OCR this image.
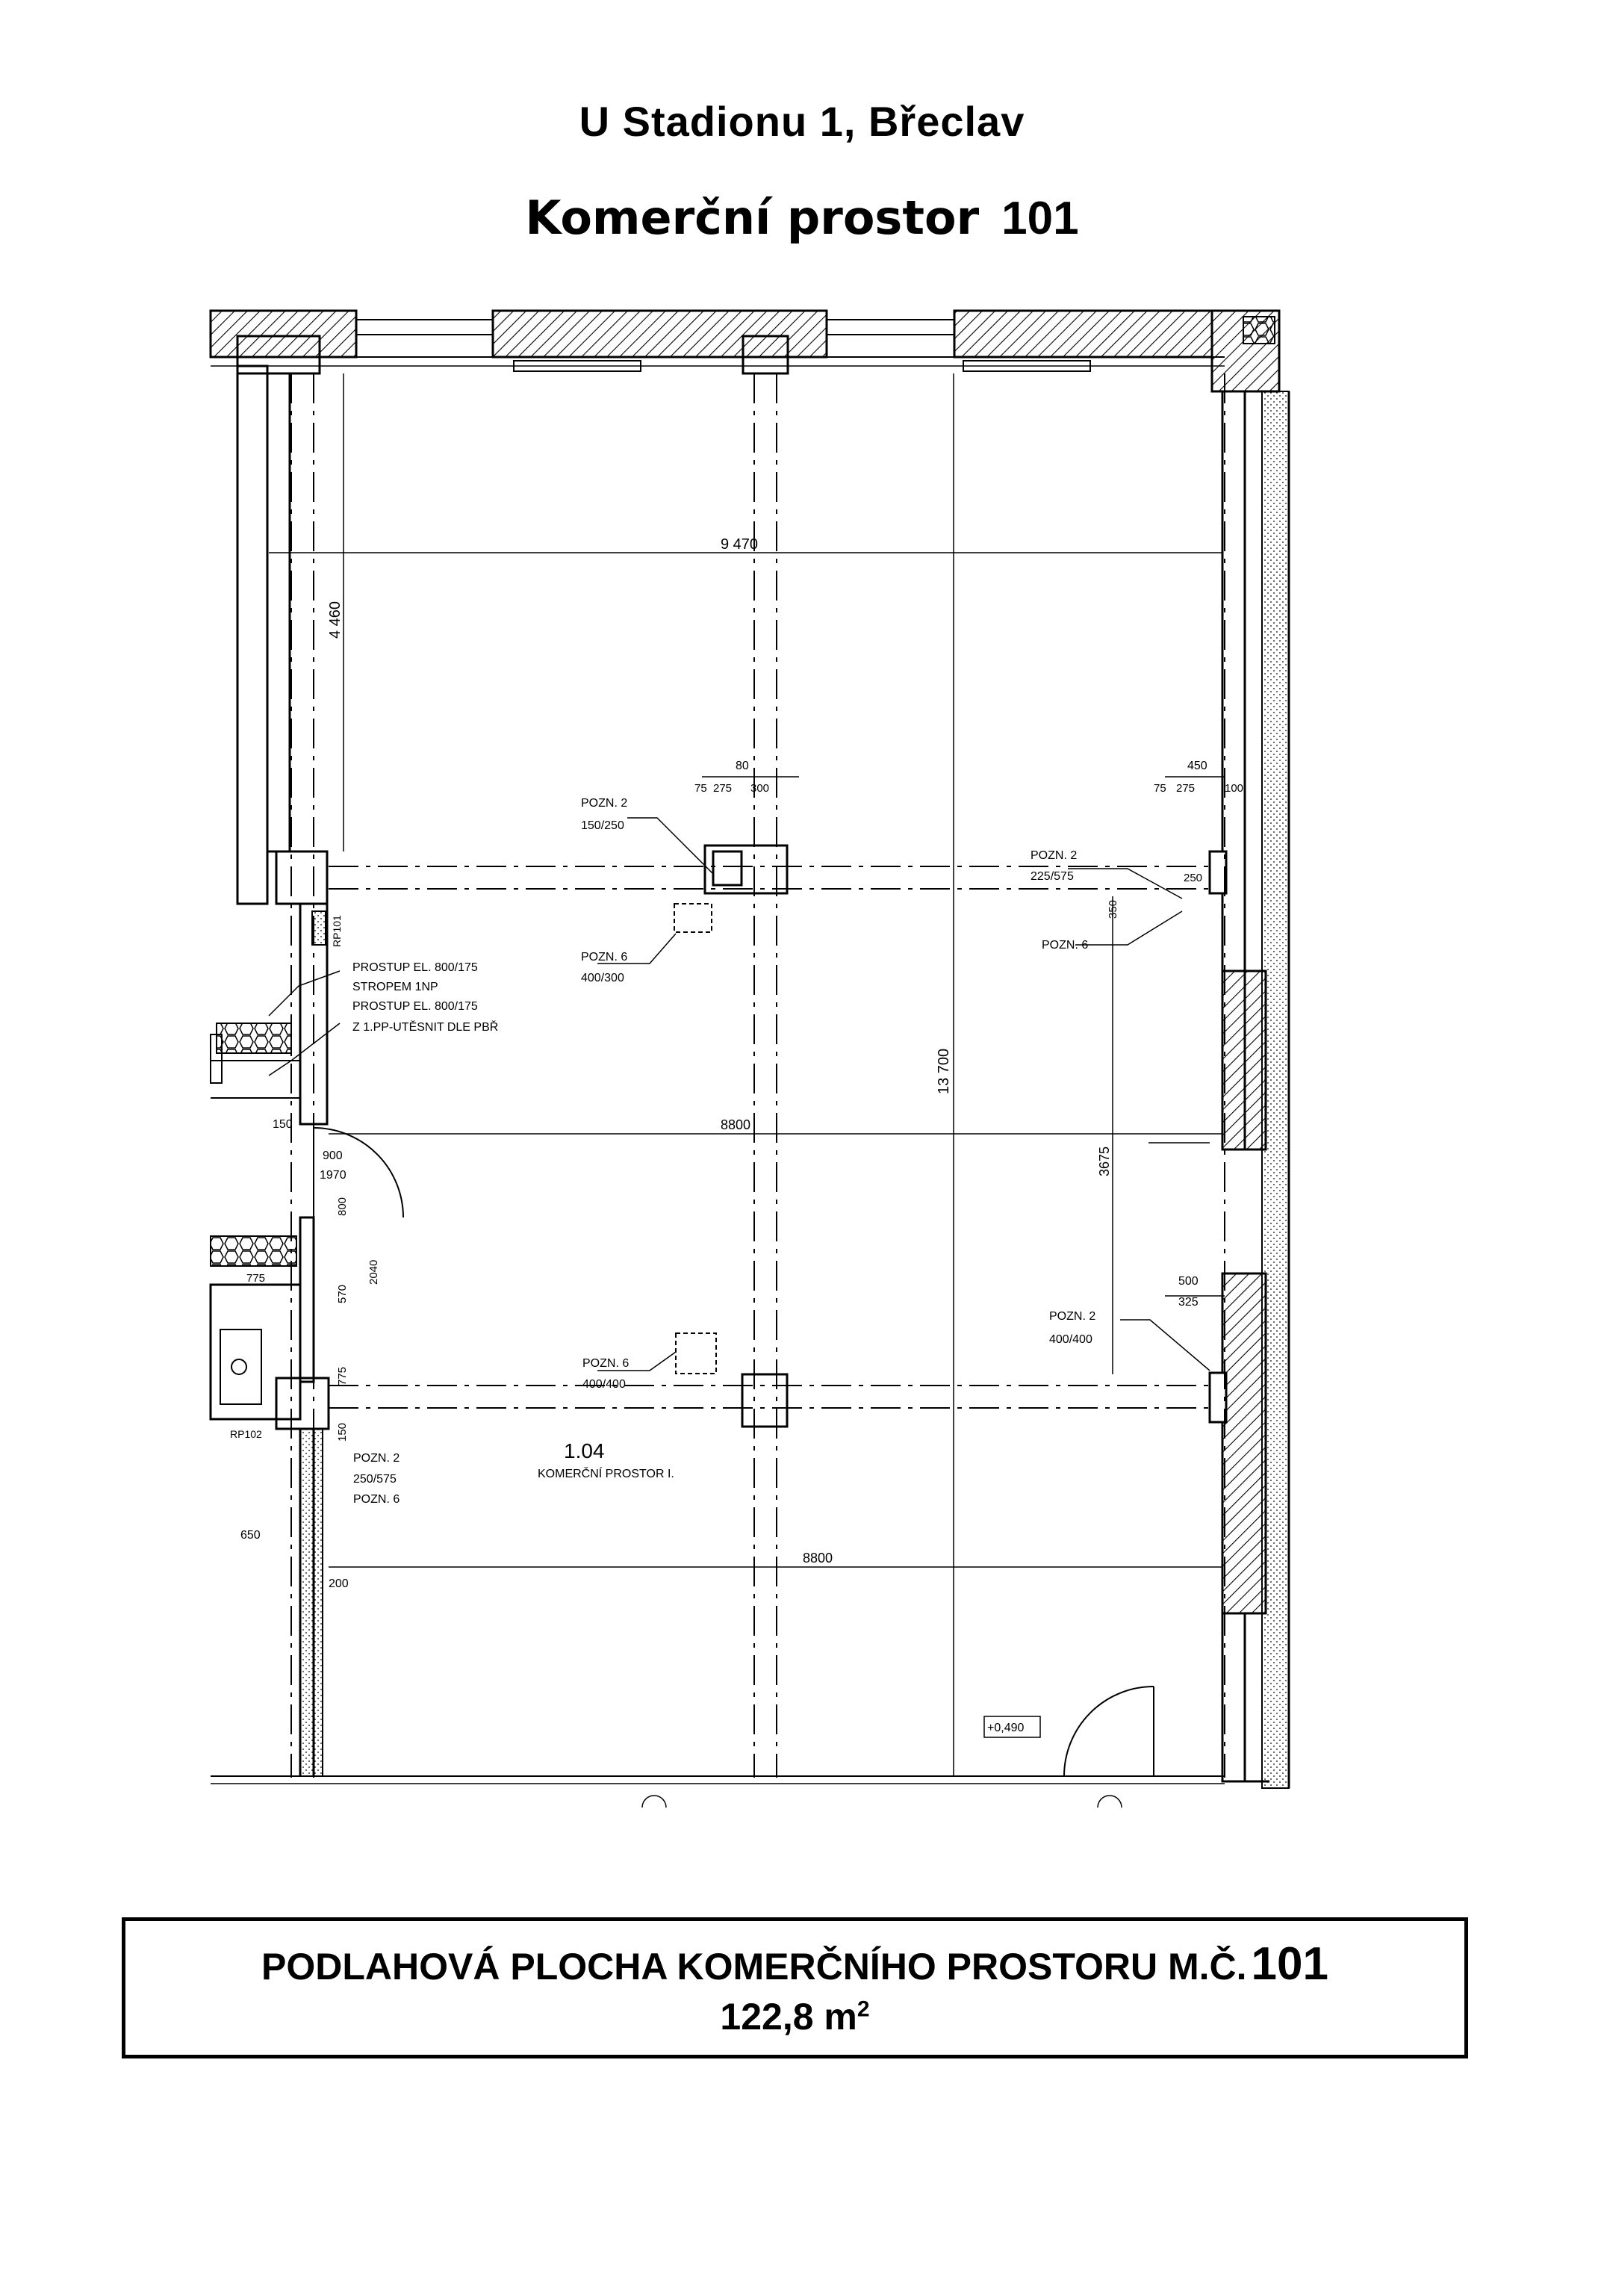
U Stadionu 1, Břeclav
Komerční prostor 101
1.04
KOMERČNÍ PROSTOR I.
9 470
4 460
8800
8800
13 700
3675
POZN. 2
150/250
POZN. 6
400/300
POZN. 2
225/575
POZN. 6
POZN. 6
400/400
POZN. 2
400/400
POZN. 2
250/575
POZN. 6
PROSTUP EL. 800/175
STROPEM 1NP
PROSTUP EL. 800/175
Z 1.PP-UTĚSNIT DLE PBŘ
+0,490
RP101
RP102
80
75 275 300
450
75 275	100
150
900
1970
800
775
570
2040
775
150
650
200
500
325
350
250
PODLAHOVÁ PLOCHA KOMERČNÍHO PROSTORU M.Č.101
122,8 $m^2$
